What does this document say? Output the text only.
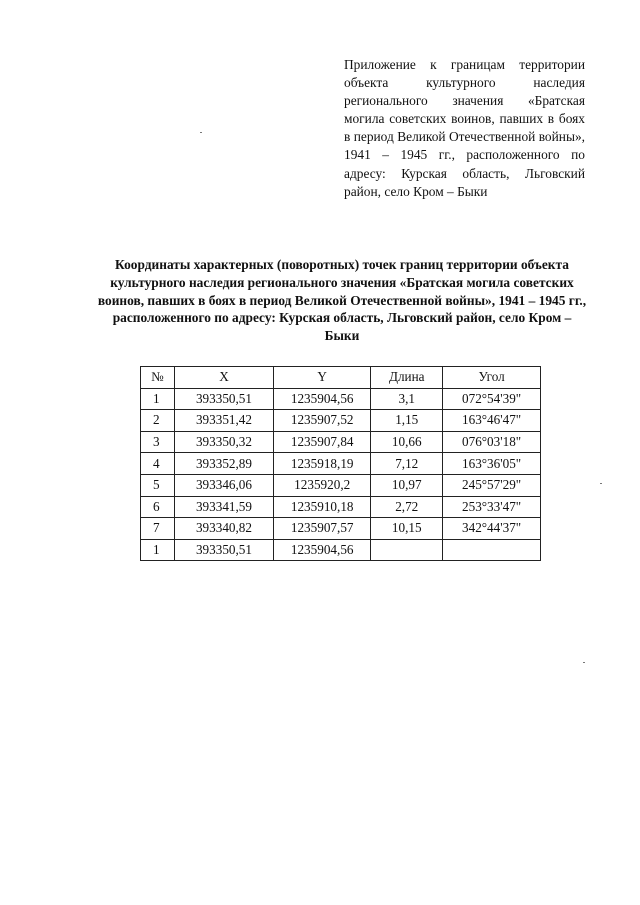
Приложение к границам территории объекта культурного наследия регионального значения «Братская могила советских воинов, павших в боях в период Великой Отечественной войны», 1941 – 1945 гг., расположенного по адресу: Курская область, Льговский район, село Кром – Быки

Координаты характерных (поворотных) точек границ территории объекта культурного наследия регионального значения «Братская могила советских воинов, павших в боях в период Великой Отечественной войны», 1941 – 1945 гг., расположенного по адресу: Курская область, Льговский район, село Кром – Быки

№	X	Y	Длина	Угол
1	393350,51	1235904,56	3,1	072°54'39"
2	393351,42	1235907,52	1,15	163°46'47"
3	393350,32	1235907,84	10,66	076°03'18"
4	393352,89	1235918,19	7,12	163°36'05"
5	393346,06	1235920,2	10,97	245°57'29"
6	393341,59	1235910,18	2,72	253°33'47"
7	393340,82	1235907,57	10,15	342°44'37"
1	393350,51	1235904,56		
